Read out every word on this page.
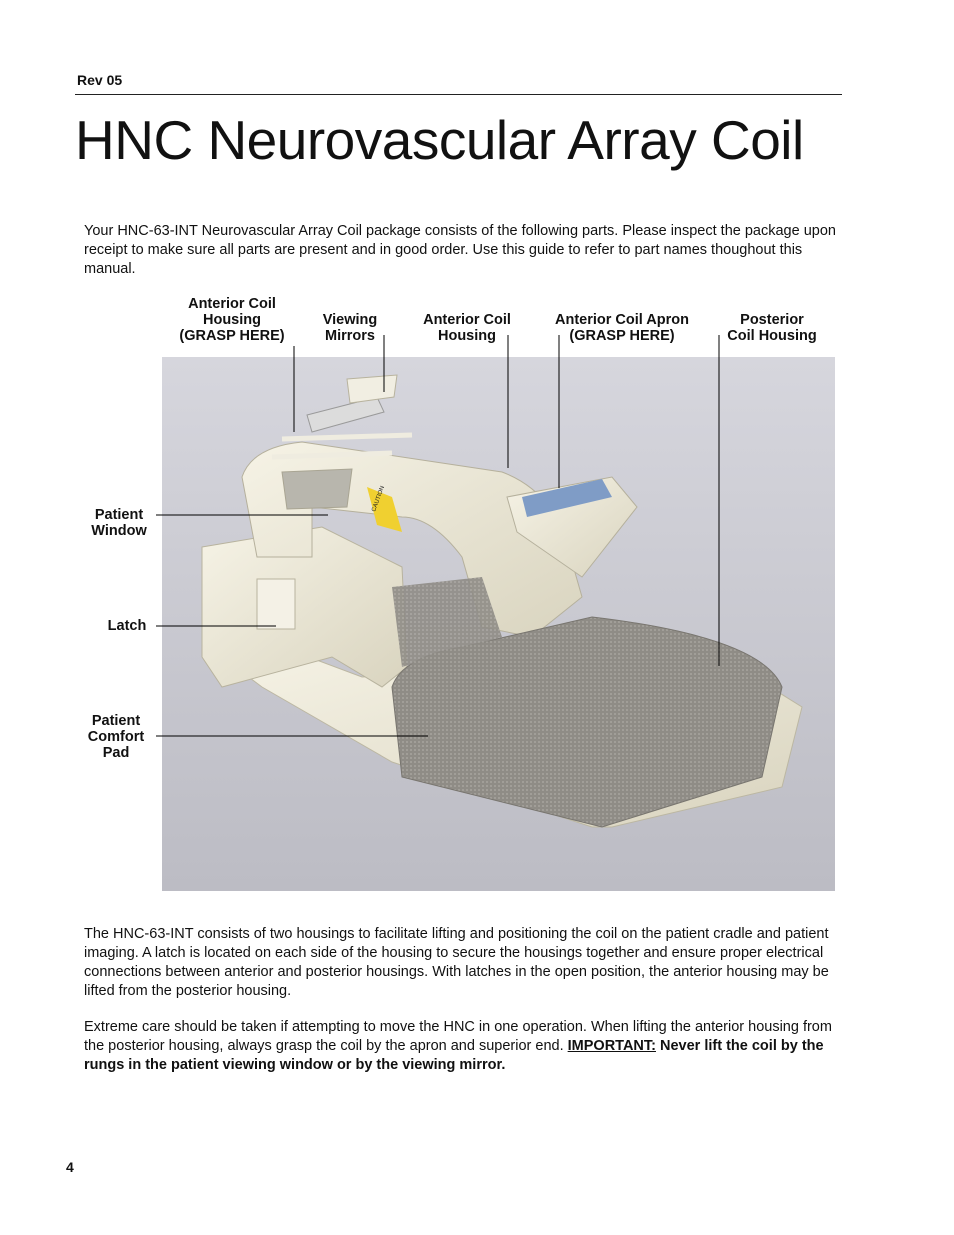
Rev 05
HNC Neurovascular Array Coil
Your HNC-63-INT Neurovascular Array Coil package consists of the following parts. Please inspect the package upon receipt to make sure all parts are present and in good order. Use this guide to refer to part names thoughout this manual.
Anterior Coil
Housing
(GRASP HERE)
Viewing
Mirrors
Anterior Coil
Housing
Anterior Coil Apron
(GRASP HERE)
Posterior
Coil Housing
Patient
Window
Latch
Patient
Comfort
Pad
CAUTION
The HNC-63-INT consists of two housings to facilitate lifting and positioning the coil on the patient cradle and patient imaging. A latch is located on each side of the housing to secure the housings together and ensure proper electrical connections between anterior and posterior housings. With latches in the open position, the anterior housing may be lifted from the posterior housing.
Extreme care should be taken if attempting to move the HNC in one operation. When lifting the anterior housing from the posterior housing, always grasp the coil by the apron and superior end. IMPORTANT: Never lift the coil by the rungs in the patient viewing window or by the viewing mirror.
4
